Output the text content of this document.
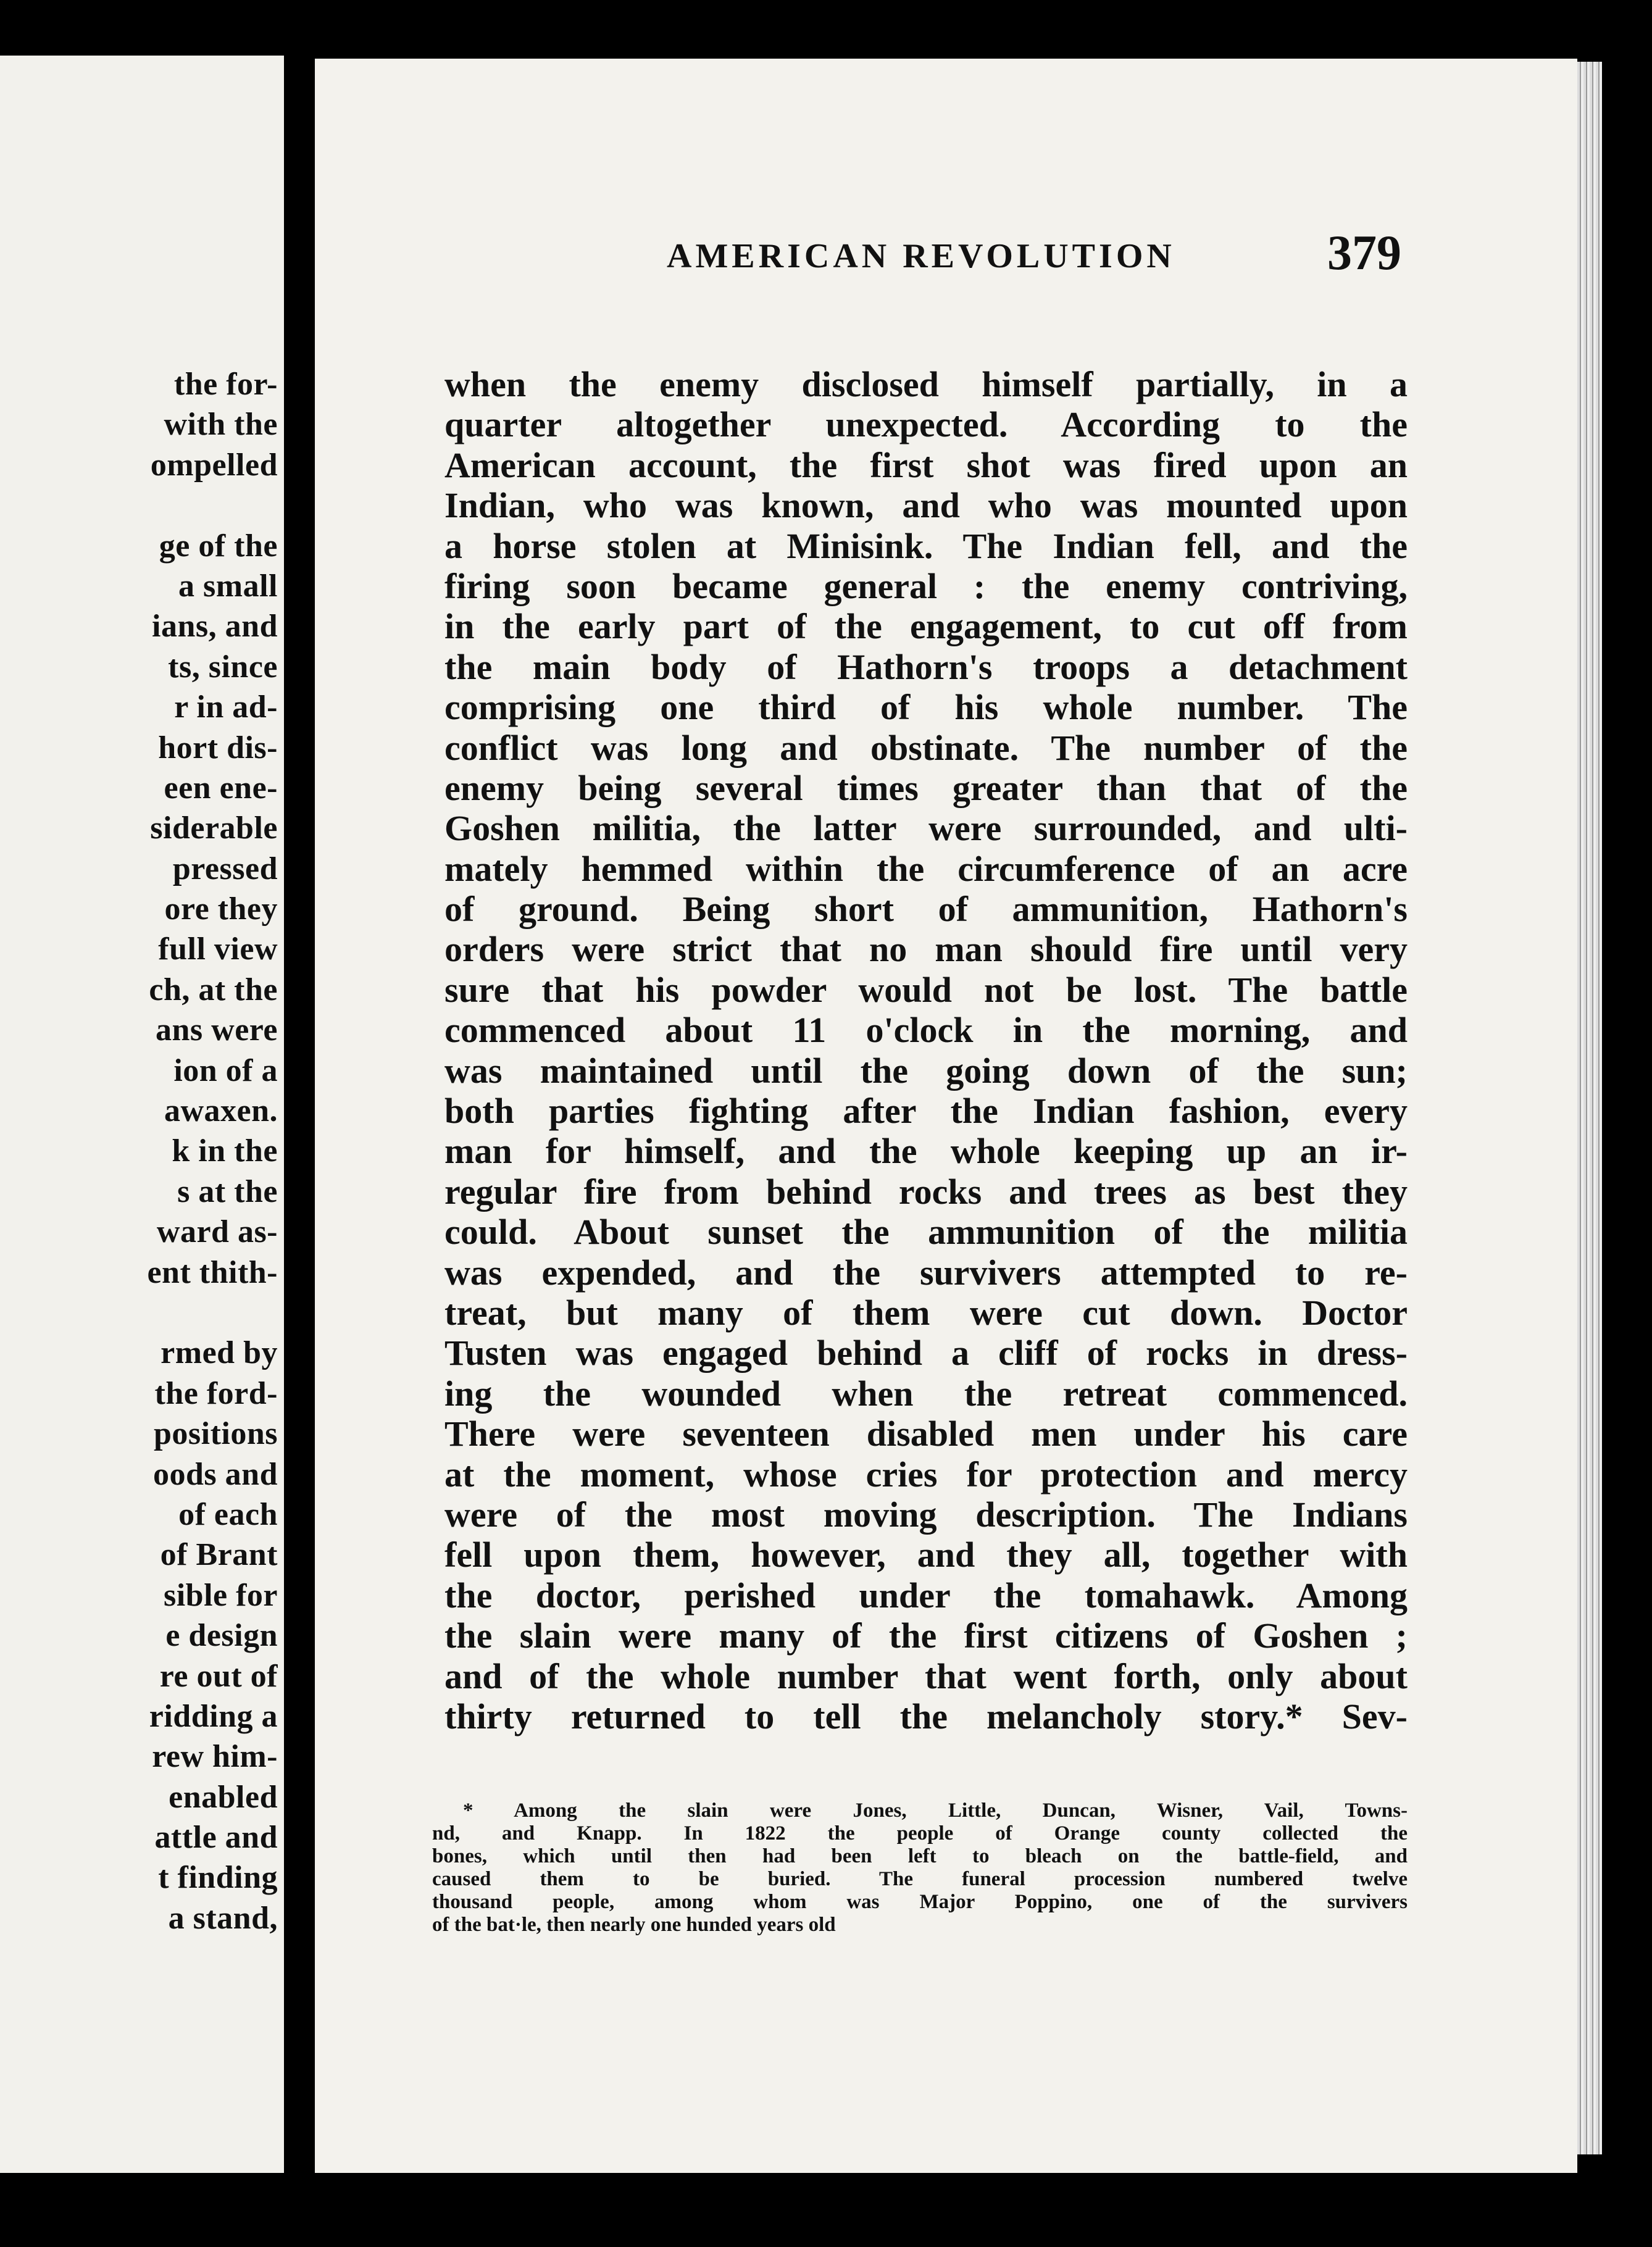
the for-
with the
ompelled
ge of the
a small
ians, and
ts, since
r in ad-
hort dis-
een ene-
siderable
pressed
ore they
full view
ch, at the
ans were
ion of a
awaxen.
k in the
s at the
ward as-
ent thith-
rmed by
the ford-
positions
oods and
of each
of Brant
sible for
e design
re out of
ridding a
rew him-
enabled
attle and
t finding
a stand,
AMERICAN REVOLUTION	379
when the enemy disclosed himself partially, in a
quarter altogether unexpected. According to the
American account, the first shot was fired upon an
Indian, who was known, and who was mounted upon
a horse stolen at Minisink. The Indian fell, and the
firing soon became general : the enemy contriving,
in the early part of the engagement, to cut off from
the main body of Hathorn's troops a detachment
comprising one third of his whole number. The
conflict was long and obstinate. The number of the
enemy being several times greater than that of the
Goshen militia, the latter were surrounded, and ulti-
mately hemmed within the circumference of an acre
of ground. Being short of ammunition, Hathorn's
orders were strict that no man should fire until very
sure that his powder would not be lost. The battle
commenced about 11 o'clock in the morning, and
was maintained until the going down of the sun;
both parties fighting after the Indian fashion, every
man for himself, and the whole keeping up an ir-
regular fire from behind rocks and trees as best they
could. About sunset the ammunition of the militia
was expended, and the survivers attempted to re-
treat, but many of them were cut down. Doctor
Tusten was engaged behind a cliff of rocks in dress-
ing the wounded when the retreat commenced.
There were seventeen disabled men under his care
at the moment, whose cries for protection and mercy
were of the most moving description. The Indians
fell upon them, however, and they all, together with
the doctor, perished under the tomahawk. Among
the slain were many of the first citizens of Goshen ;
and of the whole number that went forth, only about
thirty returned to tell the melancholy story.* Sev-
* Among the slain were Jones, Little, Duncan, Wisner, Vail, Towns-
nd, and Knapp. In 1822 the people of Orange county collected the
bones, which until then had been left to bleach on the battle-field, and
caused them to be buried. The funeral procession numbered twelve
thousand people, among whom was Major Poppino, one of the survivers
of the bat·le, then nearly one hunded years old
